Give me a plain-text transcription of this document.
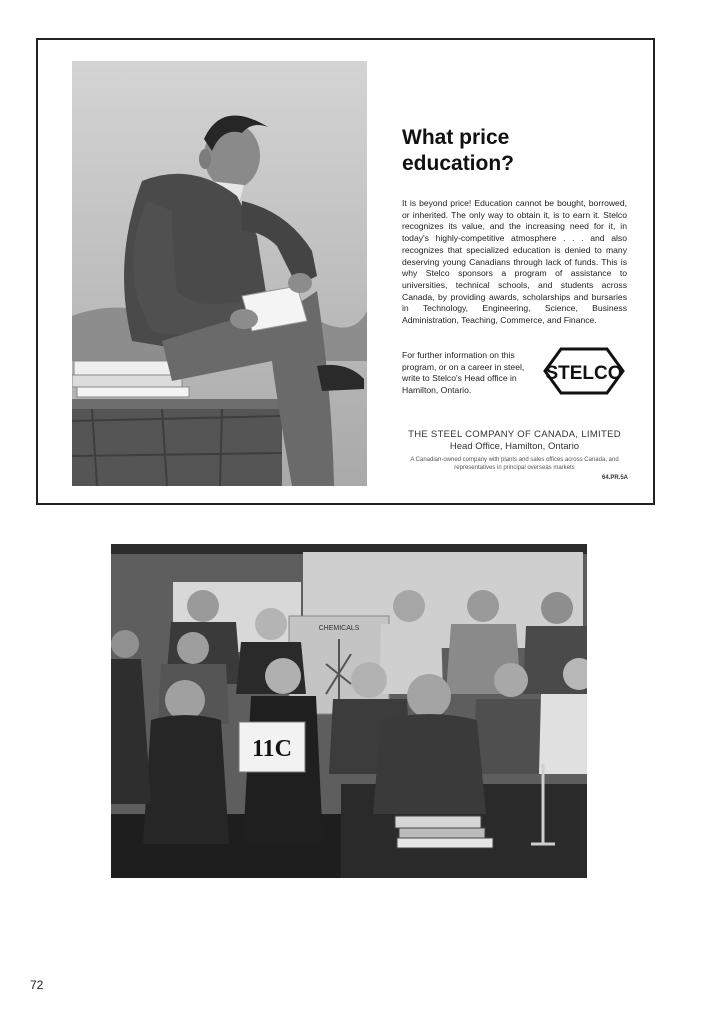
What price
education?
It is beyond price! Education cannot be bought, borrowed, or inherited. The only way to obtain it, is to earn it. Stelco recognizes its value, and the increasing need for it, in today's highly-competitive atmosphere . . . and also recognizes that specialized education is denied to many deserving young Canadians through lack of funds. This is why Stelco sponsors a program of assistance to universities, technical schools, and students across Canada, by providing awards, scholarships and bursaries in Technology, Engineering, Science, Business Administration, Teaching, Commerce, and Finance.
For further information on this program, or on a career in steel, write to Stelco's Head office in Hamilton, Ontario.
STELCO
THE STEEL COMPANY OF CANADA, LIMITED
Head Office, Hamilton, Ontario
A Canadian-owned company with plants and sales offices across Canada, and representatives in principal overseas markets
64.PR.5A
CHEMICALS
11C
72
